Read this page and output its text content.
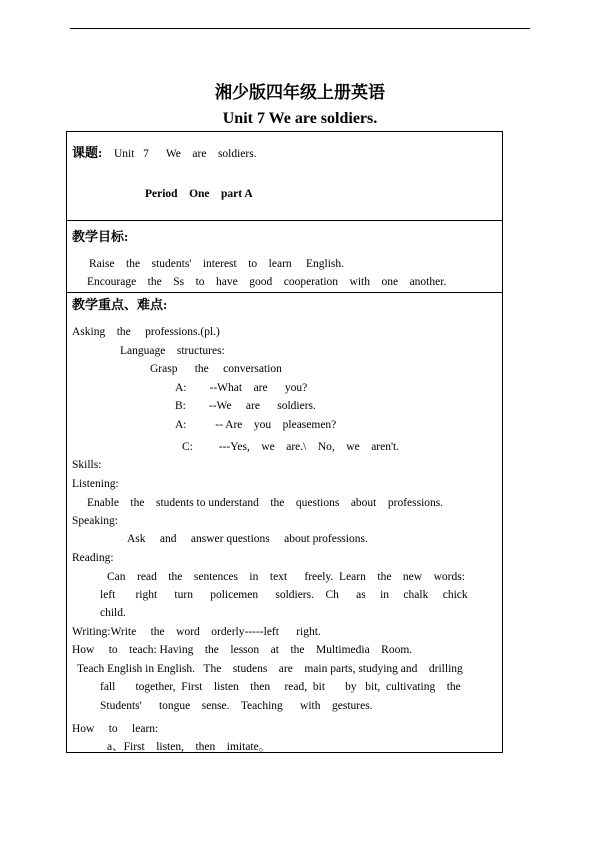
湘少版四年级上册英语
Unit 7 We are soldiers.
课题: Unit   7      We    are    soldiers.
Period    One    part A
教学目标:
Raise    the    students'    interest    to    learn     English.
Encourage    the    Ss    to    have    good    cooperation    with    one    another.
教学重点、难点:
Asking    the     professions.(pl.)
Language    structures:
Grasp      the     conversation
A:        --What    are      you?
B:        --We     are      soldiers.
A:          -- Are    you    pleasemen?
C:         ---Yes,    we    are.\    No,    we    aren't.
Skills:
Listening:
Enable    the    students to understand    the    questions    about    professions.
Speaking:
Ask     and     answer questions     about professions.
Reading:
Can    read    the    sentences    in    text      freely.  Learn    the    new    words:
left       right      turn      policemen      soldiers.    Ch      as     in     chalk     chick
child.
Writing:Write     the    word    orderly-----left      right.
How     to    teach: Having    the    lesson    at    the    Multimedia    Room.
Teach English in English.   The    studens    are    main parts, studying and    drilling
fall       together,  First    listen    then     read,  bit       by   bit,  cultivating    the
Students'      tongue    sense.    Teaching      with    gestures.
How     to     learn:
a、First    listen,    then    imitate。
